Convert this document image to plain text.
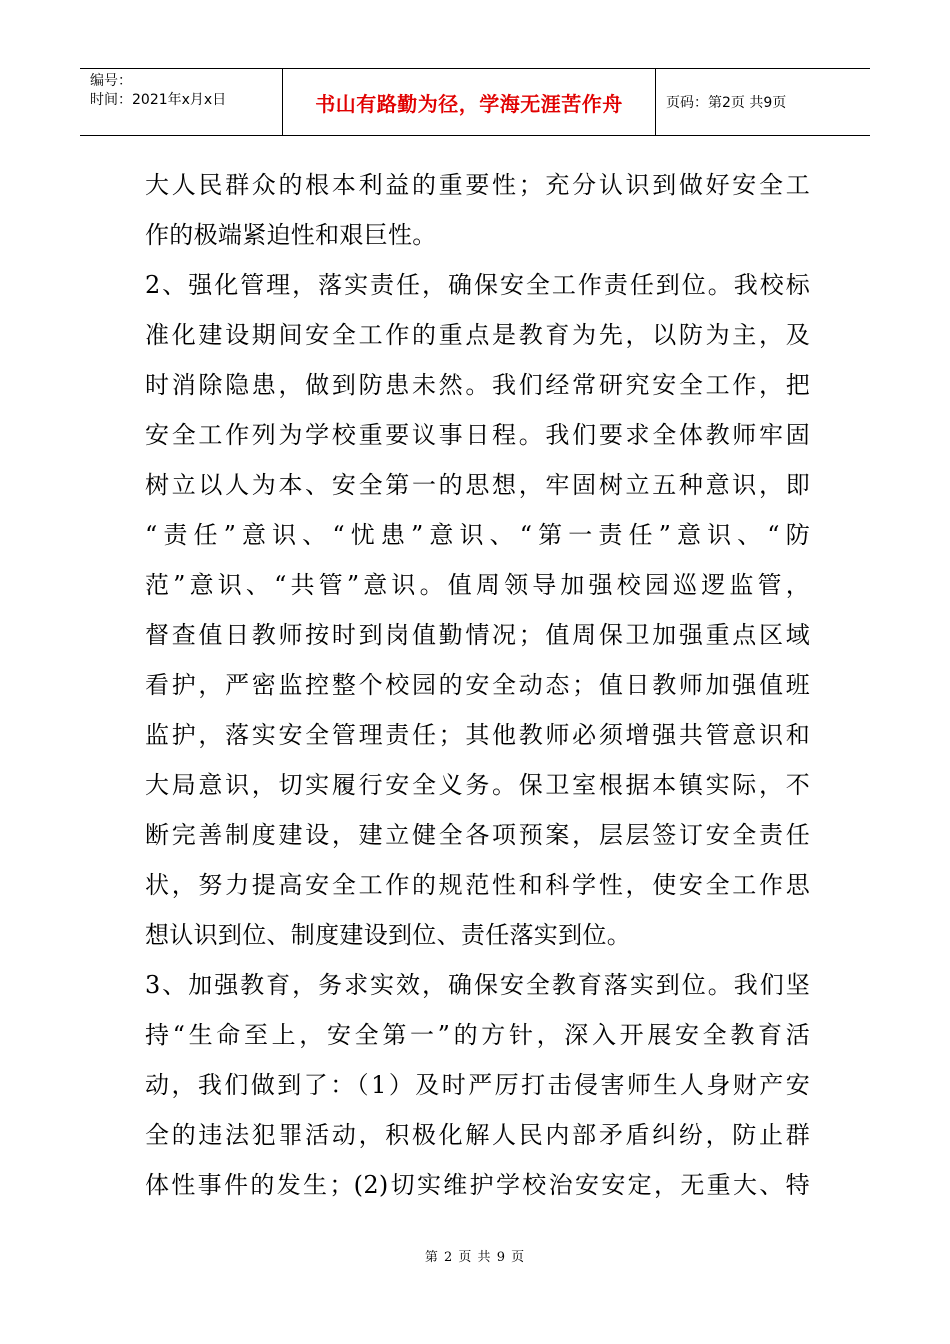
编号：
时间：2021年x月x日	书山有路勤为径，学海无涯苦作舟	页码：第2页 共9页
大人民群众的根本利益的重要性；充分认识到做好安全工
作的极端紧迫性和艰巨性。
2、强化管理，落实责任，确保安全工作责任到位。我校标
准化建设期间安全工作的重点是教育为先，以防为主，及
时消除隐患，做到防患未然。我们经常研究安全工作，把
安全工作列为学校重要议事日程。我们要求全体教师牢固
树立以人为本、安全第一的思想，牢固树立五种意识，即
“责任”意识、“忧患”意识、“第一责任”意识、“防
范”意识、“共管”意识。值周领导加强校园巡逻监管，
督查值日教师按时到岗值勤情况；值周保卫加强重点区域
看护，严密监控整个校园的安全动态；值日教师加强值班
监护，落实安全管理责任；其他教师必须增强共管意识和
大局意识，切实履行安全义务。保卫室根据本镇实际，不
断完善制度建设，建立健全各项预案，层层签订安全责任
状，努力提高安全工作的规范性和科学性，使安全工作思
想认识到位、制度建设到位、责任落实到位。
3、加强教育，务求实效，确保安全教育落实到位。我们坚
持“生命至上，安全第一”的方针，深入开展安全教育活
动，我们做到了：（1）及时严厉打击侵害师生人身财产安
全的违法犯罪活动，积极化解人民内部矛盾纠纷，防止群
体性事件的发生；(2)切实维护学校治安安定，无重大、特
第 2 页 共 9 页
